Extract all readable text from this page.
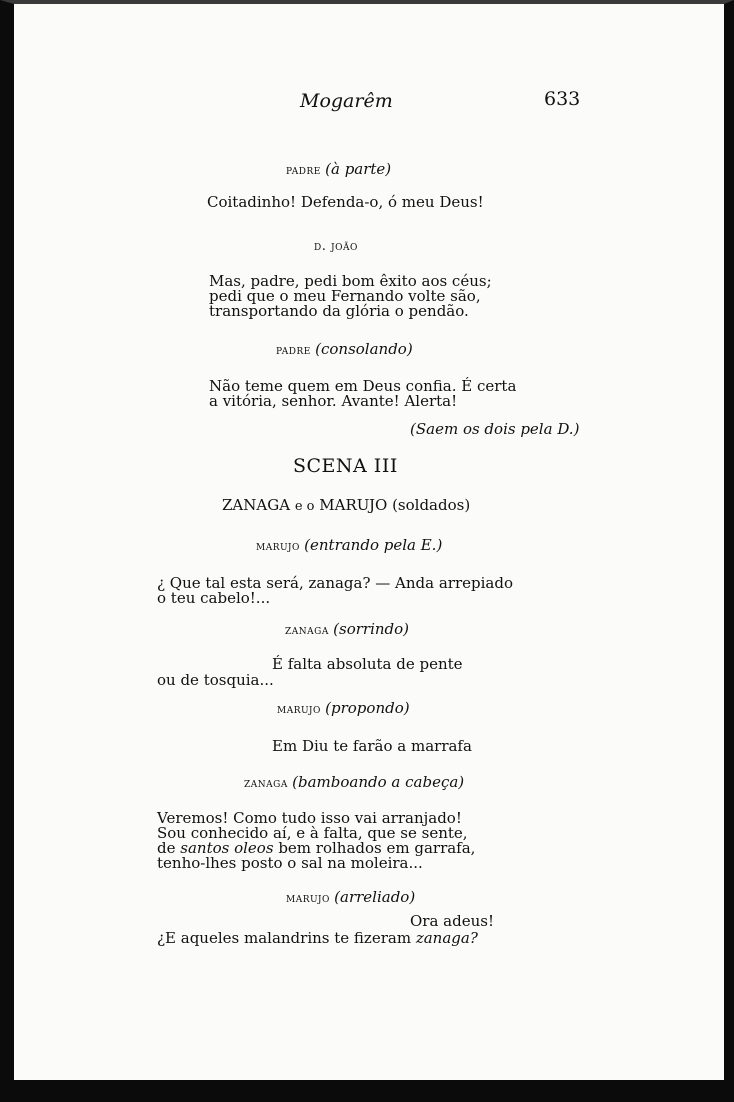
Mogarêm	633
padre (à parte)
Coitadinho! Defenda-o, ó meu Deus!
d. joão
Mas, padre, pedi bom êxito aos céus;
pedi que o meu Fernando volte são,
transportando da glória o pendão.
padre (consolando)
Não teme quem em Deus confia. É certa
a vitória, senhor. Avante! Alerta!
(Saem os dois pela D.)
SCENA III
ZANAGA e o MARUJO (soldados)
marujo (entrando pela E.)
¿ Que tal esta será, zanaga? — Anda arrepiado
o teu cabelo!...
zanaga (sorrindo)
É falta absoluta de pente
ou de tosquia...
marujo (propondo)
Em Diu te farão a marrafa
zanaga (bamboando a cabeça)
Veremos! Como tudo isso vai arranjado!
Sou conhecido aí, e à falta, que se sente,
de santos oleos bem rolhados em garrafa,
tenho-lhes posto o sal na moleira...
marujo (arreliado)
Ora adeus!
¿E aqueles malandrins te fizeram zanaga?
